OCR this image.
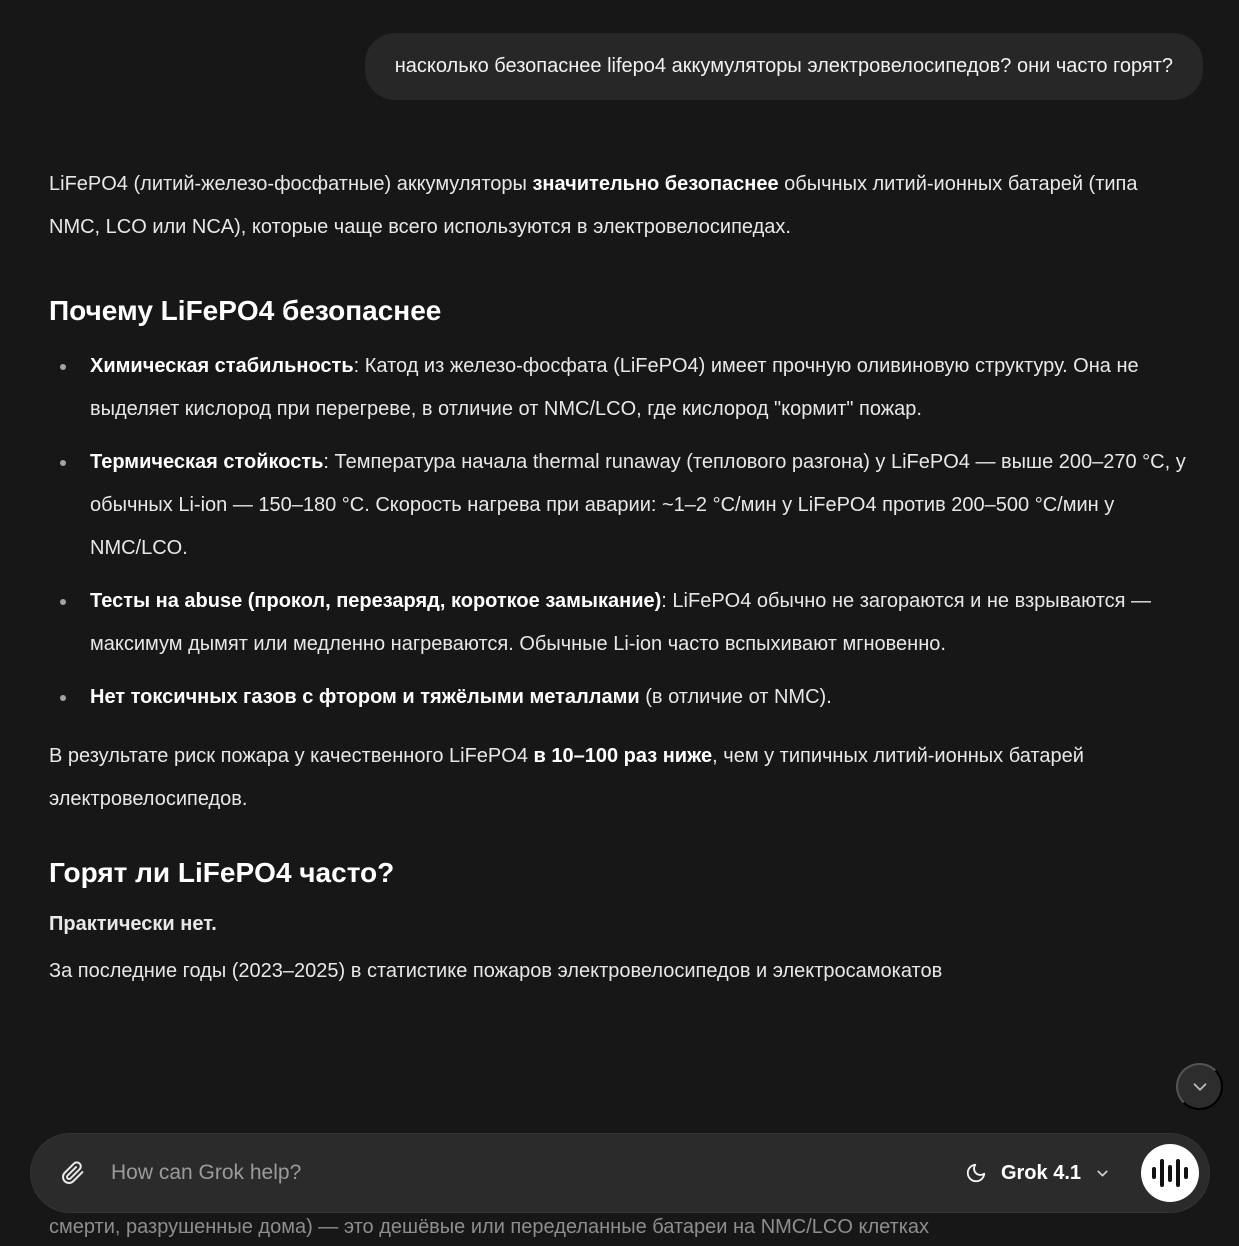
насколько безопаснее lifepo4 аккумуляторы электровелосипедов? они часто горят?

LiFePO4 (литий-железо-фосфатные) аккумуляторы значительно безопаснее обычных литий-ионных батарей (типа NMC, LCO или NCA), которые чаще всего используются в электровелосипедах.

Почему LiFePO4 безопаснее
Химическая стабильность: Катод из железо-фосфата (LiFePO4) имеет прочную оливиновую структуру. Она не выделяет кислород при перегреве, в отличие от NMC/LCO, где кислород "кормит" пожар.
Термическая стойкость: Температура начала thermal runaway (теплового разгона) у LiFePO4 — выше 200–270 °C, у обычных Li-ion — 150–180 °C. Скорость нагрева при аварии: ~1–2 °C/мин у LiFePO4 против 200–500 °C/мин у NMC/LCO.
Тесты на abuse (прокол, перезаряд, короткое замыкание): LiFePO4 обычно не загораются и не взрываются — максимум дымят или медленно нагреваются. Обычные Li-ion часто вспыхивают мгновенно.
Нет токсичных газов с фтором и тяжёлыми металлами (в отличие от NMC).

В результате риск пожара у качественного LiFePO4 в 10–100 раз ниже, чем у типичных литий-ионных батарей электровелосипедов.

Горят ли LiFePO4 часто?

Практически нет.

За последние годы (2023–2025) в статистике пожаров электровелосипедов и электросамокатов

смерти, разрушенные дома) — это дешёвые или переделанные батареи на NMC/LCO клетках
How can Grok help?
Grok 4.1
